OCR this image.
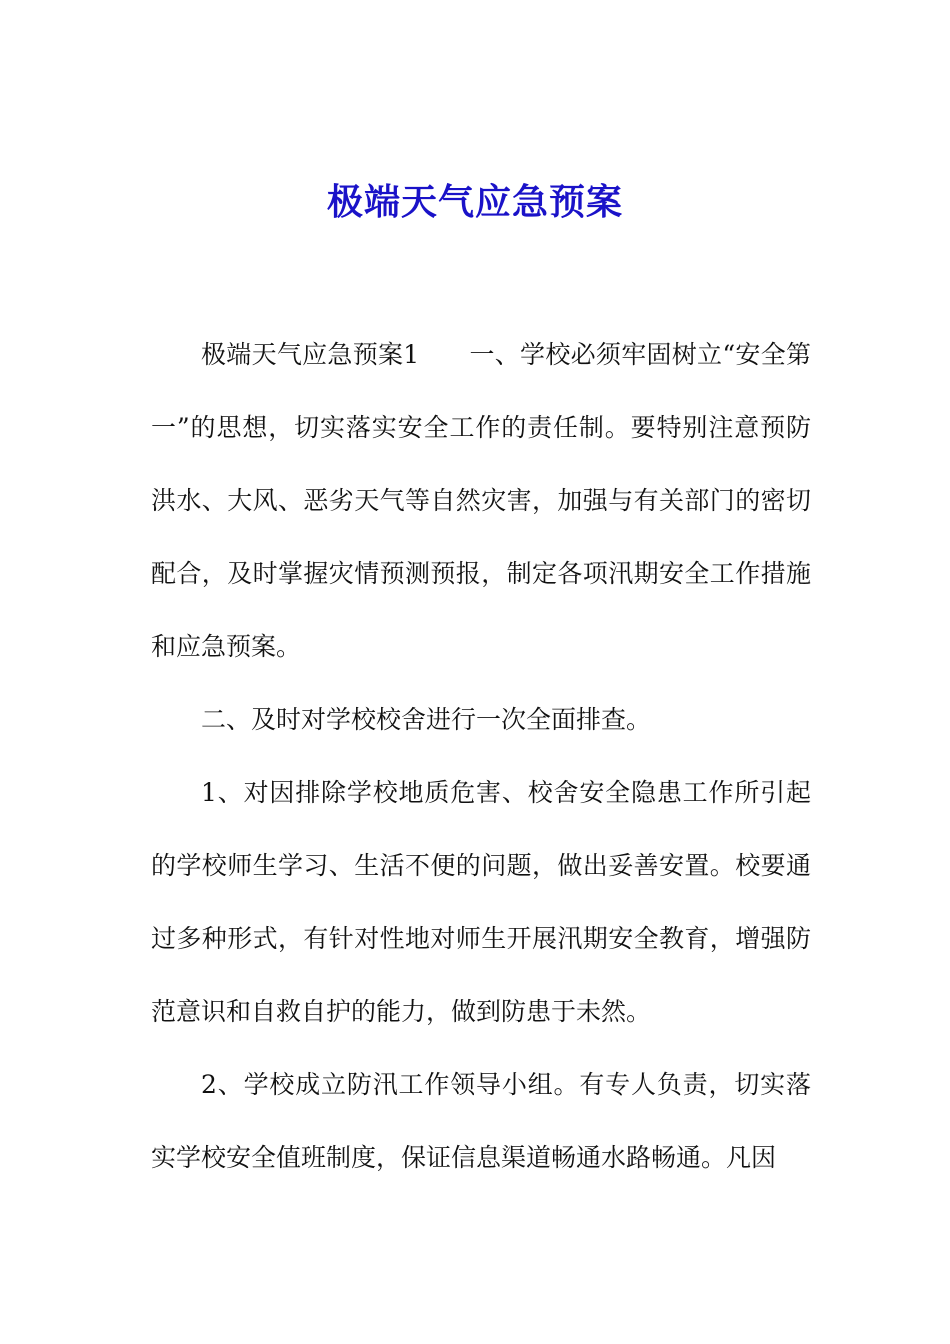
极端天气应急预案

极端天气应急预案1 一、学校必须牢固树立“安全第一”的思想，切实落实安全工作的责任制。要特别注意预防洪水、大风、恶劣天气等自然灾害，加强与有关部门的密切配合，及时掌握灾情预测预报，制定各项汛期安全工作措施和应急预案。

二、及时对学校校舍进行一次全面排查。

1、对因排除学校地质危害、校舍安全隐患工作所引起的学校师生学习、生活不便的问题，做出妥善安置。校要通过多种形式，有针对性地对师生开展汛期安全教育，增强防范意识和自救自护的能力，做到防患于未然。

2、学校成立防汛工作领导小组。有专人负责，切实落实学校安全值班制度，保证信息渠道畅通水路畅通。凡因
